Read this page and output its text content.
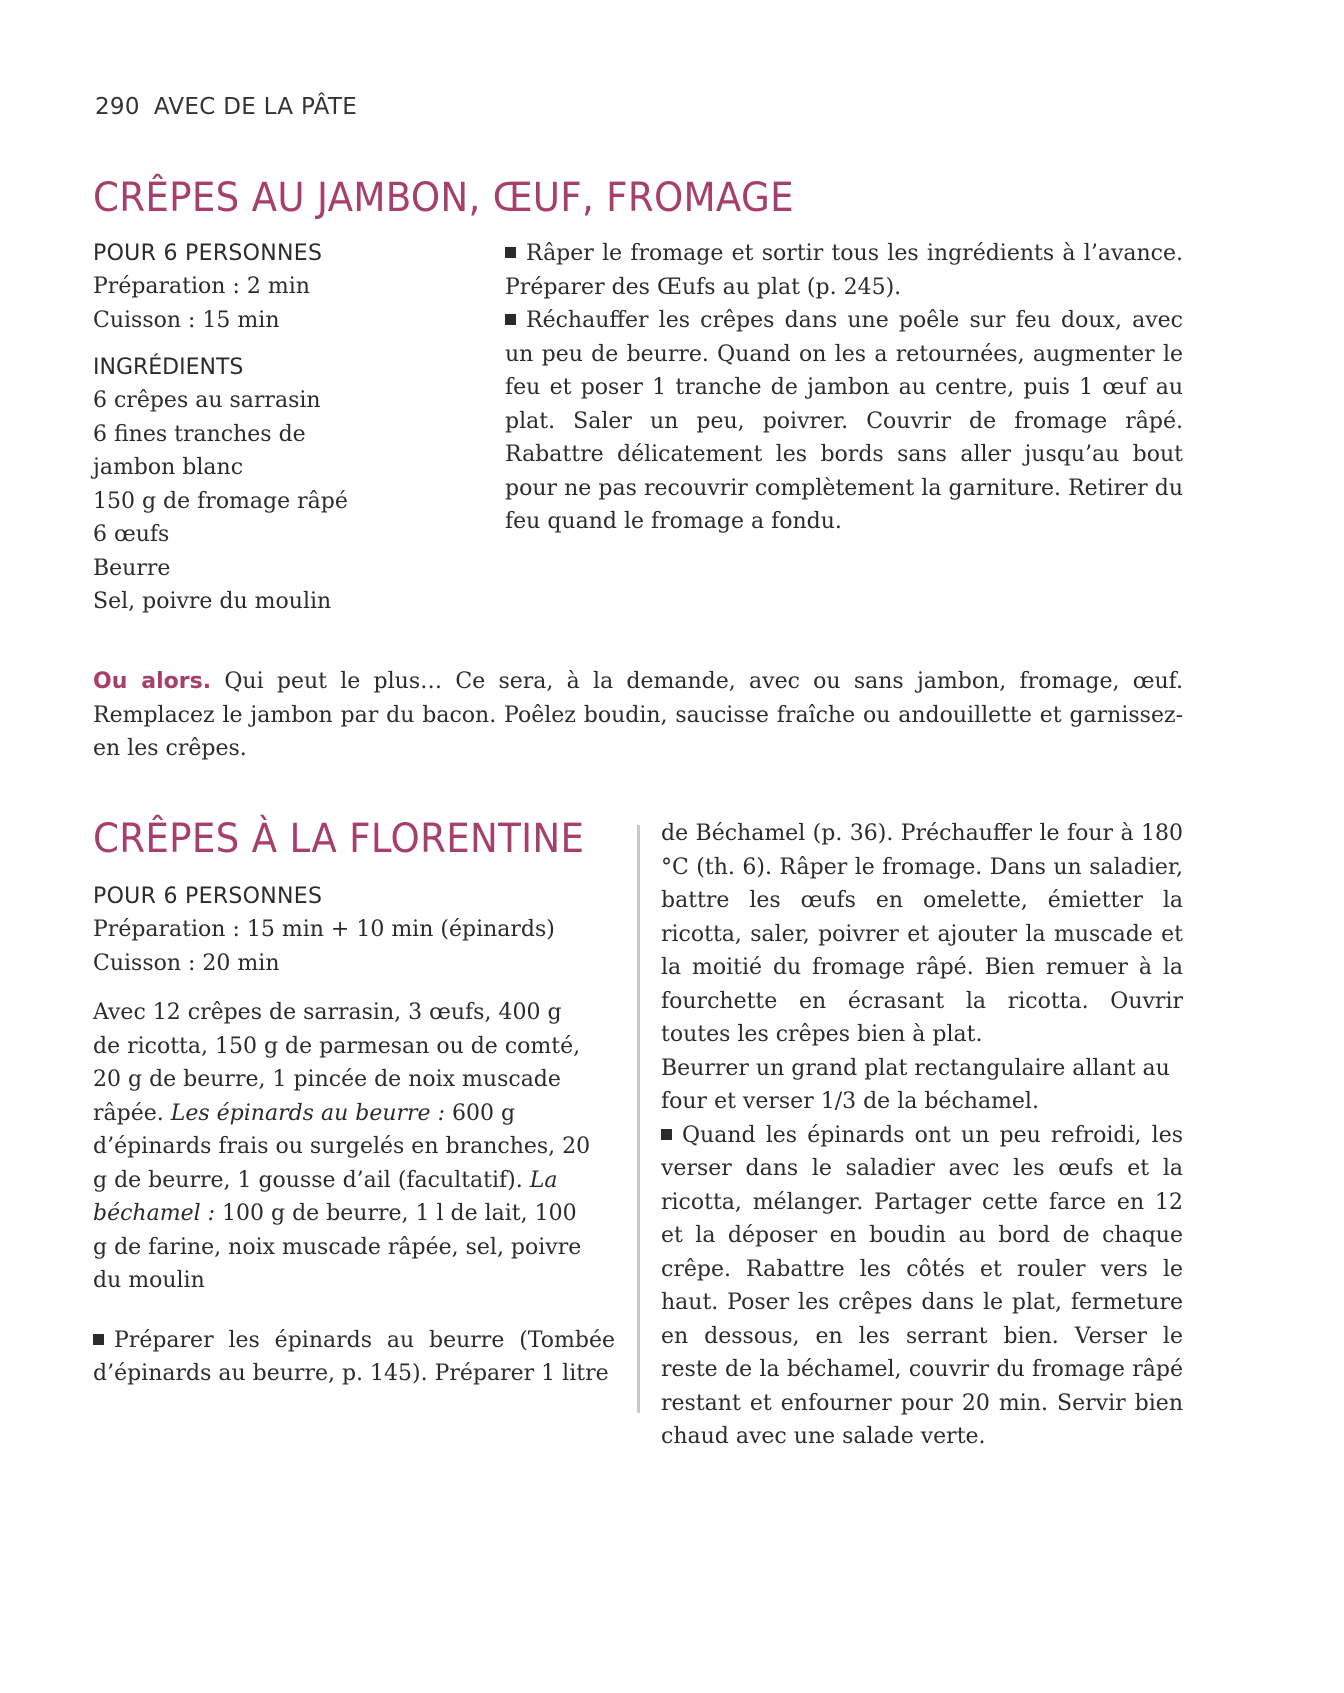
290 AVEC DE LA PÂTE
CRÊPES AU JAMBON, ŒUF, FROMAGE
POUR 6 PERSONNES
Préparation : 2 min
Cuisson : 15 min
INGRÉDIENTS
6 crêpes au sarrasin
6 fines tranches de jambon blanc
150 g de fromage râpé
6 œufs
Beurre
Sel, poivre du moulin
Râper le fromage et sortir tous les ingrédients à l’avance. Préparer des Œufs au plat (p. 245).
Réchauffer les crêpes dans une poêle sur feu doux, avec un peu de beurre. Quand on les a retournées, augmenter le feu et poser 1 tranche de jambon au centre, puis 1 œuf au plat. Saler un peu, poivrer. Couvrir de fromage râpé. Rabattre délicatement les bords sans aller jusqu’au bout pour ne pas recouvrir complètement la garniture. Retirer du feu quand le fromage a fondu.
Ou alors. Qui peut le plus… Ce sera, à la demande, avec ou sans jambon, fromage, œuf. Remplacez le jambon par du bacon. Poêlez boudin, saucisse fraîche ou andouillette et garnissez-en les crêpes.
CRÊPES À LA FLORENTINE
POUR 6 PERSONNES
Préparation : 15 min + 10 min (épinards)
Cuisson : 20 min
Avec 12 crêpes de sarrasin, 3 œufs, 400 g de ricotta, 150 g de parmesan ou de comté, 20 g de beurre, 1 pincée de noix muscade râpée. Les épinards au beurre : 600 g d’épinards frais ou surgelés en branches, 20 g de beurre, 1 gousse d’ail (facultatif). La béchamel : 100 g de beurre, 1 l de lait, 100 g de farine, noix muscade râpée, sel, poivre du moulin
Préparer les épinards au beurre (Tombée d’épinards au beurre, p. 145). Préparer 1 litre
de Béchamel (p. 36). Préchauffer le four à 180 °C (th. 6). Râper le fromage. Dans un saladier, battre les œufs en omelette, émietter la ricotta, saler, poivrer et ajouter la muscade et la moitié du fromage râpé. Bien remuer à la fourchette en écrasant la ricotta. Ouvrir toutes les crêpes bien à plat.
Beurrer un grand plat rectangulaire allant au four et verser 1/3 de la béchamel.
Quand les épinards ont un peu refroidi, les verser dans le saladier avec les œufs et la ricotta, mélanger. Partager cette farce en 12 et la déposer en boudin au bord de chaque crêpe. Rabattre les côtés et rouler vers le haut. Poser les crêpes dans le plat, fermeture en dessous, en les serrant bien. Verser le reste de la béchamel, couvrir du fromage râpé restant et enfourner pour 20 min. Servir bien chaud avec une salade verte.
